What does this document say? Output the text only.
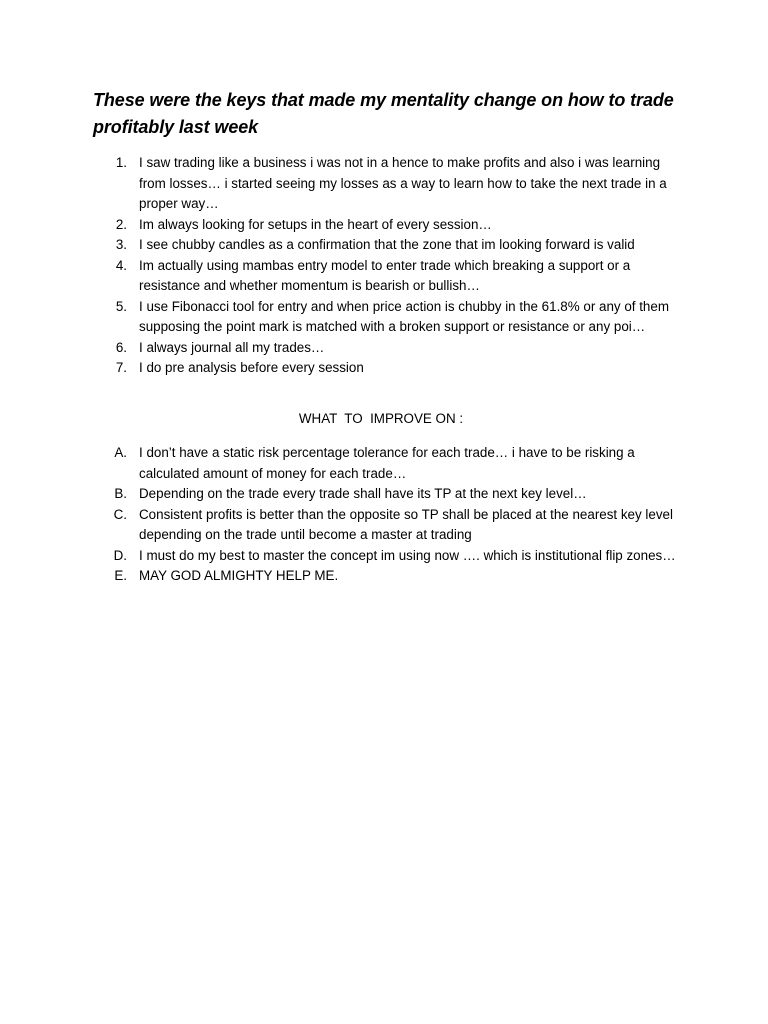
These were the keys that made my mentality change on how to trade profitably last week
1. I saw trading like a business i was not in a hence to make profits and also i was learning from losses… i started seeing my losses as a way to learn how to take the next trade in a proper way…
2. Im always looking for setups in the heart of every session…
3. I see chubby candles as a confirmation that the zone that im looking forward is valid
4. Im actually using mambas entry model to enter trade which breaking a support or a resistance and whether momentum is bearish or bullish…
5. I use Fibonacci tool for entry and when price action is chubby in the 61.8% or any of them supposing the point mark is matched with a broken support or resistance or any poi…
6. I always journal all my trades…
7. I do pre analysis before every session
WHAT  TO  IMPROVE ON :
A. I don’t have a static risk percentage tolerance for each trade… i have to be risking a calculated amount of money for each trade…
B. Depending on the trade every trade shall have its TP at the next key level…
C. Consistent profits is better than the opposite so TP shall be placed at the nearest key level depending on the trade until become a master at trading
D. I must do my best to master the concept im using now …. which is institutional flip zones…
E. MAY GOD ALMIGHTY HELP ME.
